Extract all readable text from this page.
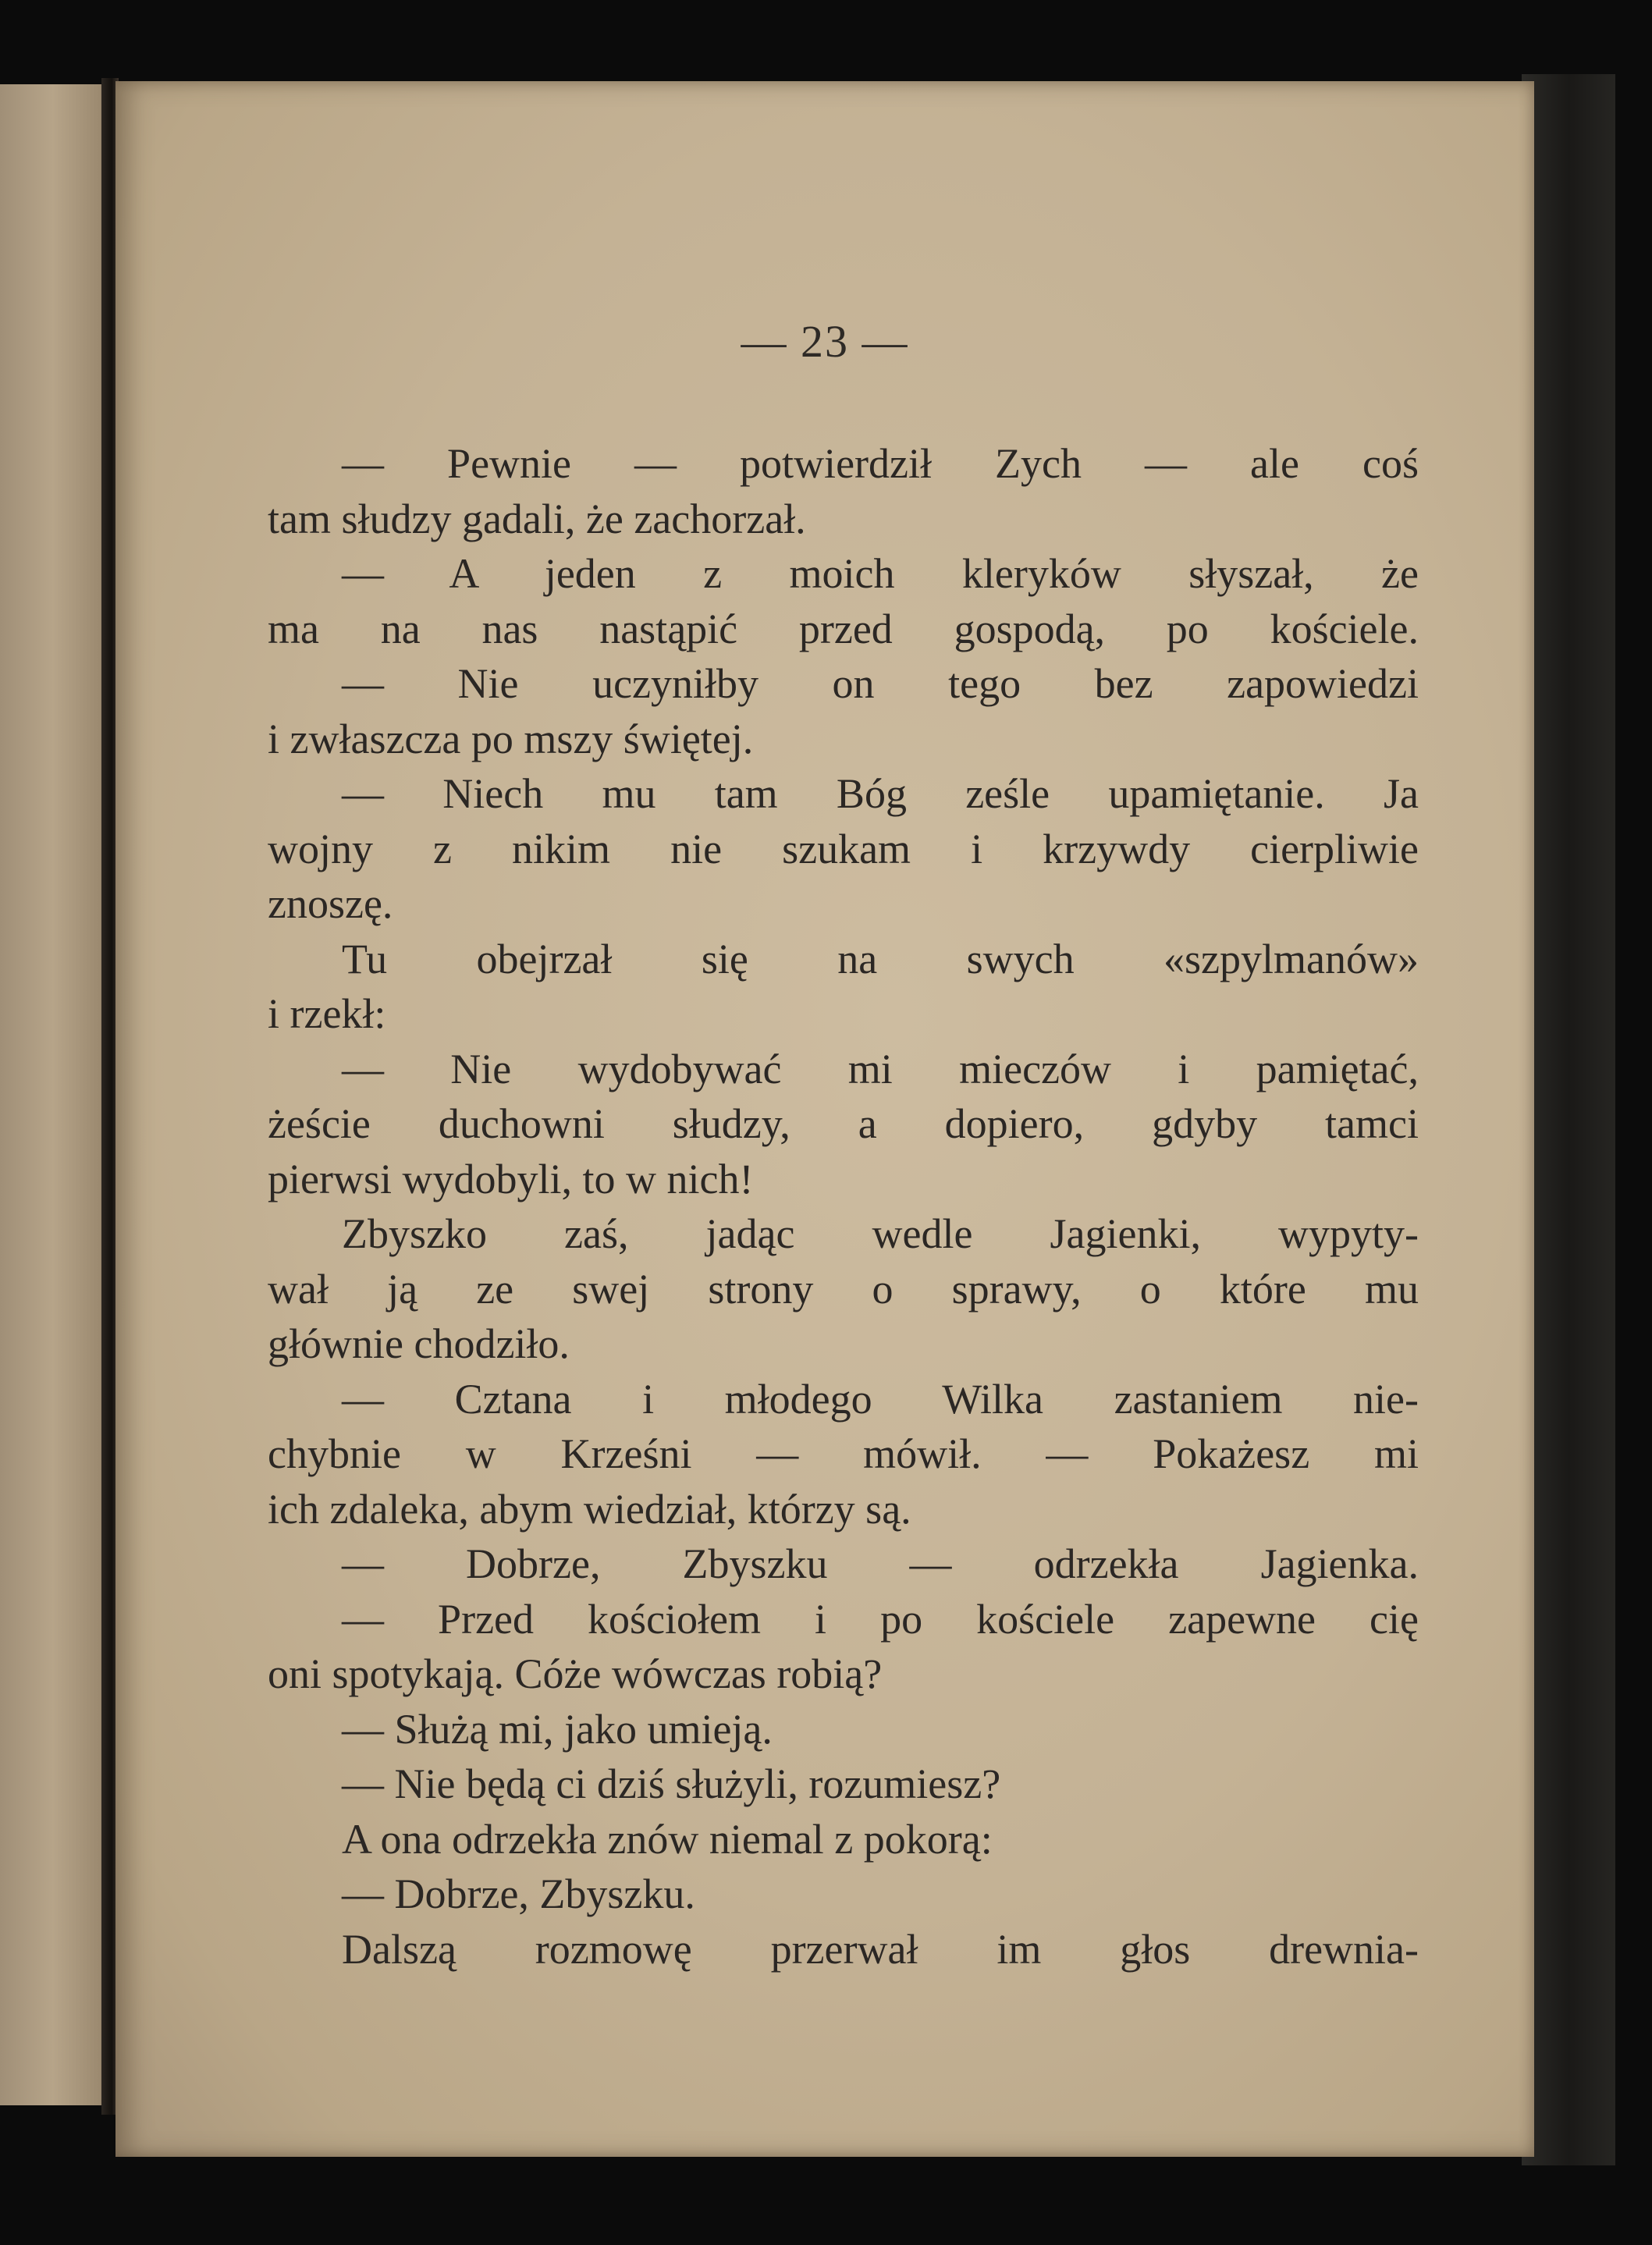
— 23 —

— Pewnie — potwierdził Zych — ale coś
tam słudzy gadali, że zachorzał.
— A jeden z moich kleryków słyszał, że
ma na nas nastąpić przed gospodą, po kościele.
— Nie uczyniłby on tego bez zapowiedzi
i zwłaszcza po mszy świętej.
— Niech mu tam Bóg ześle upamiętanie. Ja
wojny z nikim nie szukam i krzywdy cierpliwie
znoszę.
Tu obejrzał się na swych «szpylmanów»
i rzekł:
— Nie wydobywać mi mieczów i pamiętać,
żeście duchowni słudzy, a dopiero, gdyby tamci
pierwsi wydobyli, to w nich!
Zbyszko zaś, jadąc wedle Jagienki, wypyty-
wał ją ze swej strony o sprawy, o które mu
głównie chodziło.
— Cztana i młodego Wilka zastaniem nie-
chybnie w Krześni — mówił. — Pokażesz mi
ich zdaleka, abym wiedział, którzy są.
— Dobrze, Zbyszku — odrzekła Jagienka.
— Przed kościołem i po kościele zapewne cię
oni spotykają. Cóże wówczas robią?
— Służą mi, jako umieją.
— Nie będą ci dziś służyli, rozumiesz?
A ona odrzekła znów niemal z pokorą:
— Dobrze, Zbyszku.
Dalszą rozmowę przerwał im głos drewnia-
